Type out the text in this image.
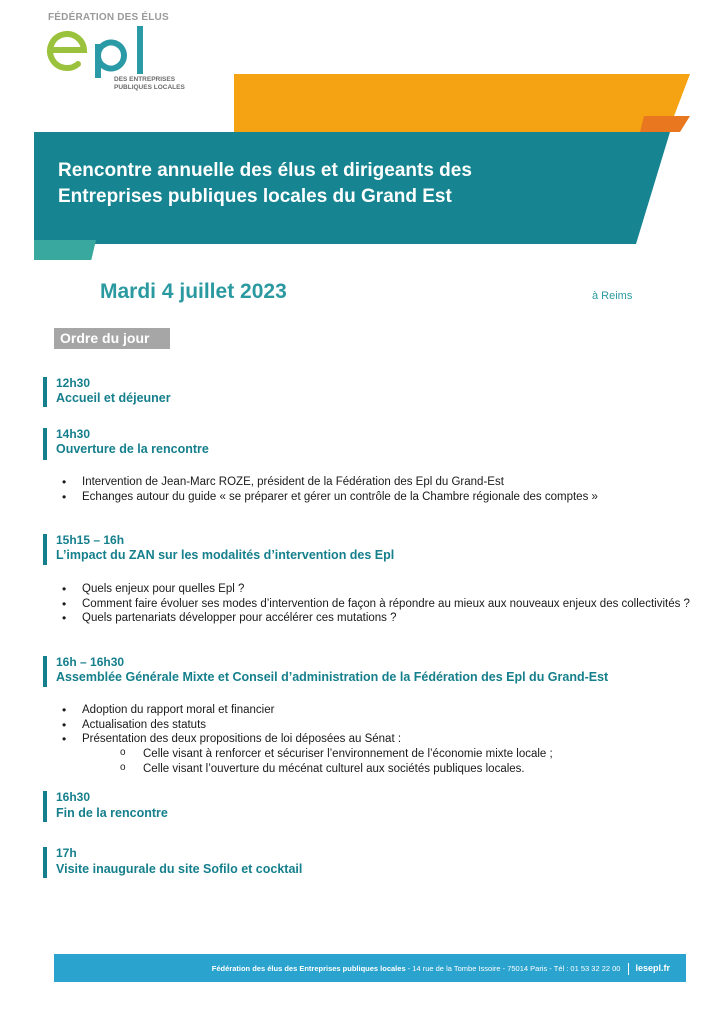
FÉDÉRATION DES ÉLUS
epl
DES ENTREPRISES
PUBLIQUES LOCALES
Rencontre annuelle des élus et dirigeants des
Entreprises publiques locales du Grand Est
Mardi 4 juillet 2023	à Reims
Ordre du jour
12h30
Accueil et déjeuner
14h30
Ouverture de la rencontre
• Intervention de Jean-Marc ROZE, président de la Fédération des Epl du Grand-Est
• Echanges autour du guide « se préparer et gérer un contrôle de la Chambre régionale des comptes »
15h15 – 16h
L’impact du ZAN sur les modalités d’intervention des Epl
• Quels enjeux pour quelles Epl ?
• Comment faire évoluer ses modes d’intervention de façon à répondre au mieux aux nouveaux enjeux des collectivités ?
• Quels partenariats développer pour accélérer ces mutations ?
16h – 16h30
Assemblée Générale Mixte et Conseil d’administration de la Fédération des Epl du Grand-Est
• Adoption du rapport moral et financier
• Actualisation des statuts
• Présentation des deux propositions de loi déposées au Sénat :
o Celle visant à renforcer et sécuriser l’environnement de l’économie mixte locale ;
o Celle visant l’ouverture du mécénat culturel aux sociétés publiques locales.
16h30
Fin de la rencontre
17h
Visite inaugurale du site Sofilo et cocktail
Fédération des élus des Entreprises publiques locales - 14 rue de la Tombe Issoire - 75014 Paris - Tél : 01 53 32 22 00 lesepl.fr
